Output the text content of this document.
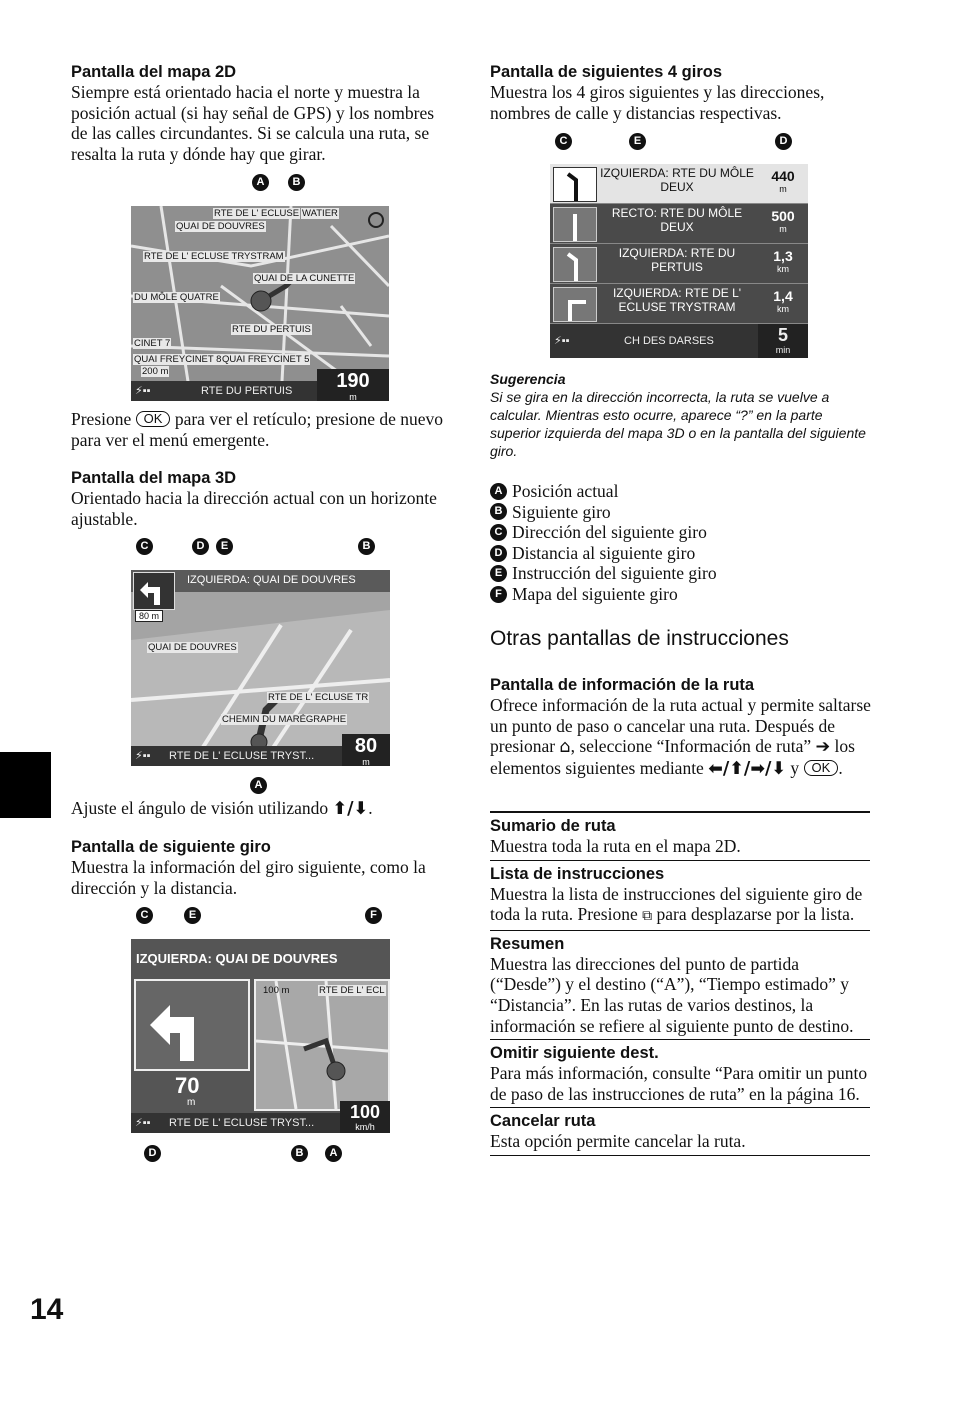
Pantalla del mapa 2D
Siempre está orientado hacia el norte y muestra la posición actual (si hay señal de GPS) y los nombres de las calles circundantes. Si se calcula una ruta, se resalta la ruta y dónde hay que girar.
A	B
RTE DE L' ECLUSE WATIER
QUAI DE DOUVRES
RTE DE L' ECLUSE TRYSTRAM
QUAI DE LA CUNETTE
DU MÔLE QUATRE
RTE DU PERTUIS
CINET 7
QUAI FREYCINET 8 QUAI FREYCINET 5
200 m
⚡▪▪	RTE DU PERTUIS	190
m
Presione OK para ver el retículo; presione de nuevo para ver el menú emergente.
Pantalla del mapa 3D
Orientado hacia la dirección actual con un horizonte ajustable.
C	D	E	B
IZQUIERDA: QUAI DE DOUVRES
80 m
QUAI DE DOUVRES
RTE DE L' ECLUSE TR
CHEMIN DU MARÉGRAPHE
⚡▪▪ RTE DE L' ECLUSE TRYST...	80
m
A
Ajuste el ángulo de visión utilizando ⬆/⬇.
Pantalla de siguiente giro
Muestra la información del giro siguiente, como la dirección y la distancia.
C	E	F
IZQUIERDA: QUAI DE DOUVRES
100 m	RTE DE L' ECL
70
m
⚡▪▪ RTE DE L' ECLUSE TRYST...
100
km/h
D	B	A
Pantalla de siguientes 4 giros
Muestra los 4 giros siguientes y las direcciones, nombres de calle y distancias respectivas.
C	E	D
IZQUIERDA: RTE DU MÔLE DEUX
440
m
RECTO: RTE DU MÔLE DEUX
500
m
IZQUIERDA: RTE DU PERTUIS
1,3
km
IZQUIERDA: RTE DE L' ECLUSE TRYSTRAM
1,4
km
⚡▪▪	CH DES DARSES	5
min
Sugerencia
Si se gira en la dirección incorrecta, la ruta se vuelve a calcular. Mientras esto ocurre, aparece “?” en la parte superior izquierda del mapa 3D o en la pantalla del siguiente giro.
A Posición actual
B Siguiente giro
C Dirección del siguiente giro
D Distancia al siguiente giro
E Instrucción del siguiente giro
F Mapa del siguiente giro
Otras pantallas de instrucciones
Pantalla de información de la ruta
Ofrece información de la ruta actual y permite saltarse un punto de paso o cancelar una ruta. Después de presionar ⌂, seleccione “Información de ruta” ➔ los elementos siguientes mediante ⬅/⬆/➡/⬇ y OK .
Sumario de ruta
Muestra toda la ruta en el mapa 2D.
Lista de instrucciones
Muestra la lista de instrucciones del siguiente giro de toda la ruta. Presione ⧉ para desplazarse por la lista.
Resumen
Muestra las direcciones del punto de partida (“Desde”) y el destino (“A”), “Tiempo estimado” y “Distancia”. En las rutas de varios destinos, la información se refiere al siguiente punto de destino.
Omitir siguiente dest.
Para más información, consulte “Para omitir un punto de paso de las instrucciones de ruta” en la página 16.
Cancelar ruta
Esta opción permite cancelar la ruta.
14
